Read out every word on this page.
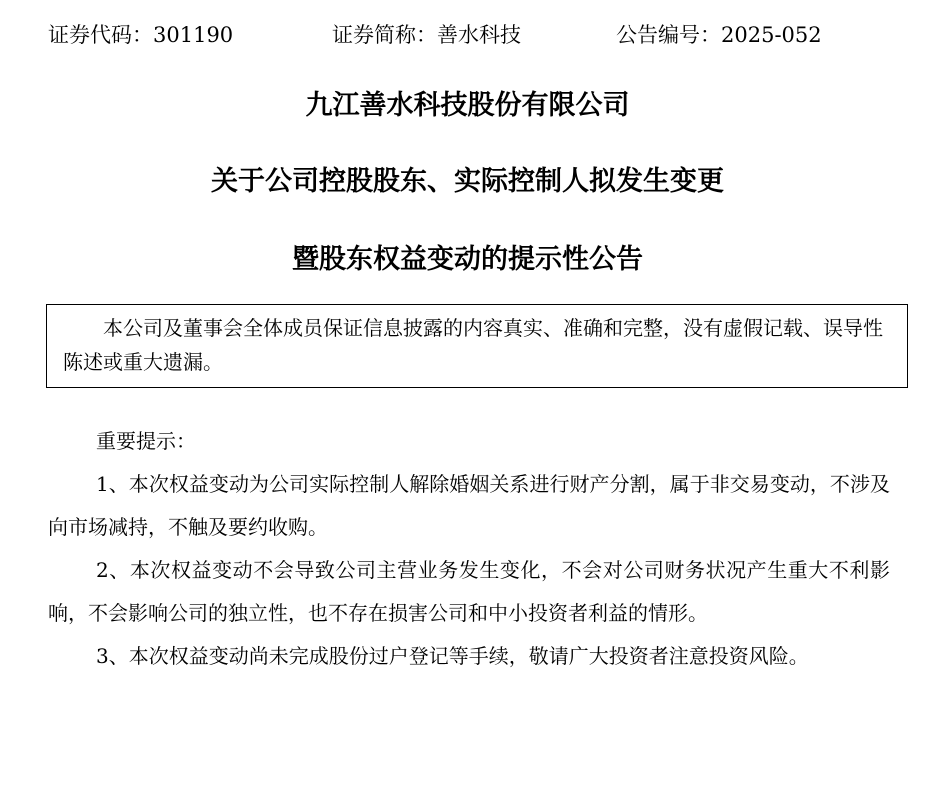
证券代码：301190	证券简称：善水科技	公告编号：2025-052
九江善水科技股份有限公司
关于公司控股股东、实际控制人拟发生变更
暨股东权益变动的提示性公告

本公司及董事会全体成员保证信息披露的内容真实、准确和完整，没有虚假记载、误导性陈述或重大遗漏。

重要提示：

1、本次权益变动为公司实际控制人解除婚姻关系进行财产分割，属于非交易变动，不涉及向市场减持，不触及要约收购。

2、本次权益变动不会导致公司主营业务发生变化，不会对公司财务状况产生重大不利影响，不会影响公司的独立性，也不存在损害公司和中小投资者利益的情形。

3、本次权益变动尚未完成股份过户登记等手续，敬请广大投资者注意投资风险。
